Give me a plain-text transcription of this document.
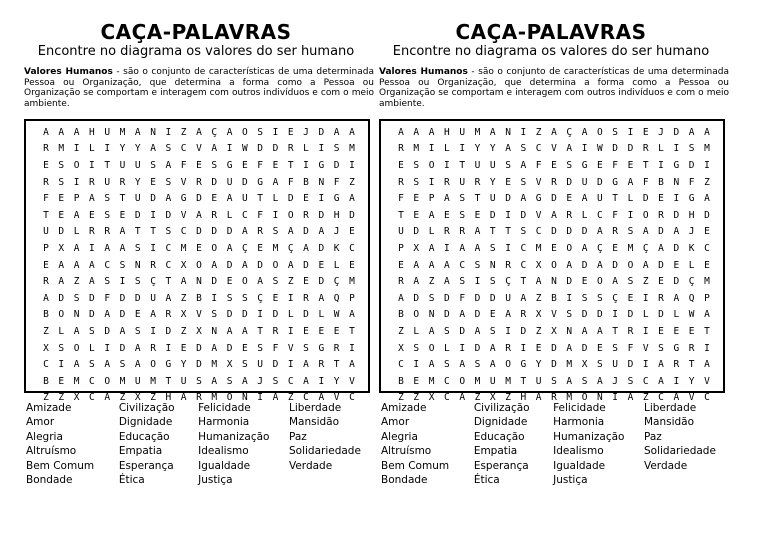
CAÇA-PALAVRAS
Encontre no diagrama os valores do ser humano
Valores Humanos - são o conjunto de características de uma determinada Pessoa ou Organização, que determina a forma como a Pessoa ou Organização se comportam e interagem com outros indivíduos e com o meio ambiente.
A	A	A	H	U	M	A	N	I	Z	A	Ç	A	O	S	I	E	J	D	A	A
R	M	I	L	I	Y	Y	A	S	C	V	A	I	W	D	D	R	L	I	S	M
E	S	O	I	T	U	U	S	A	F	E	S	G	E	F	E	T	I	G	D	I
R	S	I	R	U	R	Y	E	S	V	R	D	U	D	G	A	F	B	N	F	Z
F	E	P	A	S	T	U	D	A	G	D	E	A	U	T	L	D	E	I	G	A
T	E	A	E	S	E	D	I	D	V	A	R	L	C	F	I	O	R	D	H	D
U	D	L	R	R	A	T	T	S	C	D	D	D	A	R	S	A	D	A	J	E
P	X	A	I	A	A	S	I	C	M	E	O	A	Ç	E	M	Ç	A	D	K	C
E	A	A	A	C	S	N	R	C	X	O	A	D	A	D	O	A	D	E	L	E
R	A	Z	A	S	I	S	Ç	T	A	N	D	E	O	A	S	Z	E	D	Ç	M
A	D	S	D	F	D	D	U	A	Z	B	I	S	S	Ç	E	I	R	A	Q	P
B	O	N	D	A	D	E	A	R	X	V	S	D	D	I	D	L	D	L	W	A
Z	L	A	S	D	A	S	I	D	Z	X	N	A	A	T	R	I	E	E	E	T
X	S	O	L	I	D	A	R	I	E	D	A	D	E	S	F	V	S	G	R	I
C	I	A	S	A	S	A	O	G	Y	D	M	X	S	U	D	I	A	R	T	A
B	E	M	C	O	M	U	M	T	U	S	A	S	A	J	S	C	A	I	Y	V
Z	Z	X	C	A	Z	X	Z	H	A	R	M	O	N	I	A	Z	C	A	V	C
Amizade
Amor
Alegria
Altruísmo
Bem Comum
Bondade
Civilização
Dignidade
Educação
Empatia
Esperança
Ética
Felicidade
Harmonia
Humanização
Idealismo
Igualdade
Justiça
Liberdade
Mansidão
Paz
Solidariedade
Verdade
CAÇA-PALAVRAS
Encontre no diagrama os valores do ser humano
Valores Humanos - são o conjunto de características de uma determinada Pessoa ou Organização, que determina a forma como a Pessoa ou Organização se comportam e interagem com outros indivíduos e com o meio ambiente.
A	A	A	H	U	M	A	N	I	Z	A	Ç	A	O	S	I	E	J	D	A	A
R	M	I	L	I	Y	Y	A	S	C	V	A	I	W	D	D	R	L	I	S	M
E	S	O	I	T	U	U	S	A	F	E	S	G	E	F	E	T	I	G	D	I
R	S	I	R	U	R	Y	E	S	V	R	D	U	D	G	A	F	B	N	F	Z
F	E	P	A	S	T	U	D	A	G	D	E	A	U	T	L	D	E	I	G	A
T	E	A	E	S	E	D	I	D	V	A	R	L	C	F	I	O	R	D	H	D
U	D	L	R	R	A	T	T	S	C	D	D	D	A	R	S	A	D	A	J	E
P	X	A	I	A	A	S	I	C	M	E	O	A	Ç	E	M	Ç	A	D	K	C
E	A	A	A	C	S	N	R	C	X	O	A	D	A	D	O	A	D	E	L	E
R	A	Z	A	S	I	S	Ç	T	A	N	D	E	O	A	S	Z	E	D	Ç	M
A	D	S	D	F	D	D	U	A	Z	B	I	S	S	Ç	E	I	R	A	Q	P
B	O	N	D	A	D	E	A	R	X	V	S	D	D	I	D	L	D	L	W	A
Z	L	A	S	D	A	S	I	D	Z	X	N	A	A	T	R	I	E	E	E	T
X	S	O	L	I	D	A	R	I	E	D	A	D	E	S	F	V	S	G	R	I
C	I	A	S	A	S	A	O	G	Y	D	M	X	S	U	D	I	A	R	T	A
B	E	M	C	O	M	U	M	T	U	S	A	S	A	J	S	C	A	I	Y	V
Z	Z	X	C	A	Z	X	Z	H	A	R	M	O	N	I	A	Z	C	A	V	C
Amizade
Amor
Alegria
Altruísmo
Bem Comum
Bondade
Civilização
Dignidade
Educação
Empatia
Esperança
Ética
Felicidade
Harmonia
Humanização
Idealismo
Igualdade
Justiça
Liberdade
Mansidão
Paz
Solidariedade
Verdade
